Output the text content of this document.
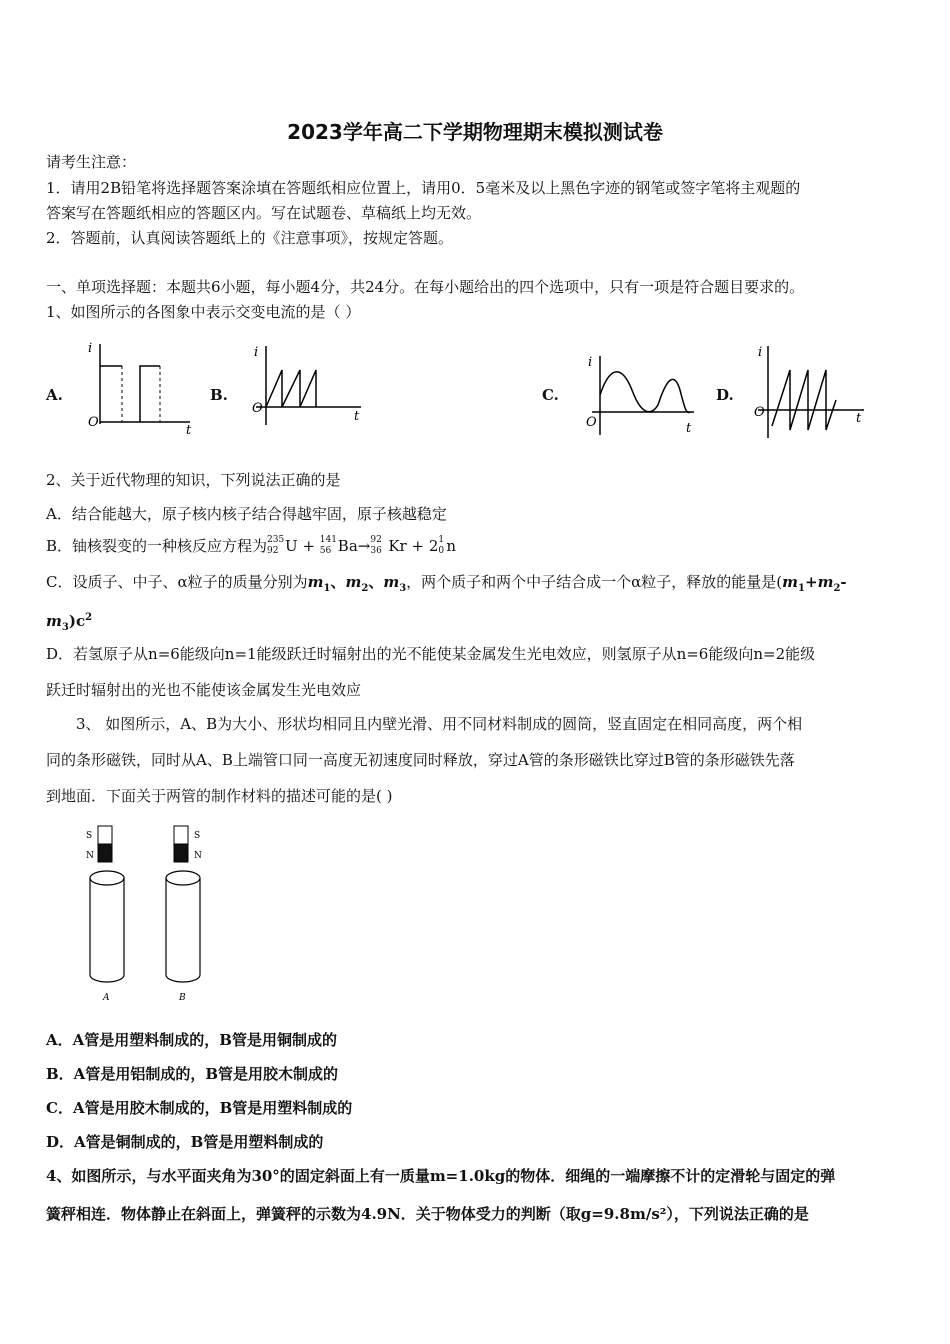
2023学年高二下学期物理期末模拟测试卷
请考生注意：
1．请用2B铅笔将选择题答案涂填在答题纸相应位置上，请用0．5毫米及以上黑色字迹的钢笔或签字笔将主观题的
答案写在答题纸相应的答题区内。写在试题卷、草稿纸上均无效。
2．答题前，认真阅读答题纸上的《注意事项》，按规定答题。
一、单项选择题：本题共6小题，每小题4分，共24分。在每小题给出的四个选项中，只有一项是符合题目要求的。
1、如图所示的各图象中表示交变电流的是（ ）
A.	B.	C.	D.
i
O
t
i
O
t
i
O	t
i
O	t
2、关于近代物理的知识，下列说法正确的是
A．结合能越大，原子核内核子结合得越牢固，原子核越稳定
B．铀核裂变的一种核反应方程为 235
92 U + 141
56 Ba→ 92
36 Kr + 2 1
0 n
C．设质子、中子、α粒子的质量分别为$m_1$、$m_2$、$m_3$，两个质子和两个中子结合成一个α粒子，释放的能量是($m_1+m_2-$
$m_3)c^2$
D．若氢原子从n=6能级向n=1能级跃迁时辐射出的光不能使某金属发生光电效应，则氢原子从n=6能级向n=2能级
跃迁时辐射出的光也不能使该金属发生光电效应
3、 如图所示，A、B为大小、形状均相同且内壁光滑、用不同材料制成的圆筒，竖直固定在相同高度，两个相
同的条形磁铁，同时从A、B上端管口同一高度无初速度同时释放，穿过A管的条形磁铁比穿过B管的条形磁铁先落
到地面．下面关于两管的制作材料的描述可能的是( )
S
N
S
N
A	B
A．A管是用塑料制成的，B管是用铜制成的
B．A管是用铝制成的，B管是用胶木制成的
C．A管是用胶木制成的，B管是用塑料制成的
D．A管是铜制成的，B管是用塑料制成的
4、如图所示，与水平面夹角为30°的固定斜面上有一质量m=1.0kg的物体．细绳的一端摩擦不计的定滑轮与固定的弹
簧秤相连．物体静止在斜面上，弹簧秤的示数为4.9N．关于物体受力的判断（取g=9.8m/s²），下列说法正确的是
